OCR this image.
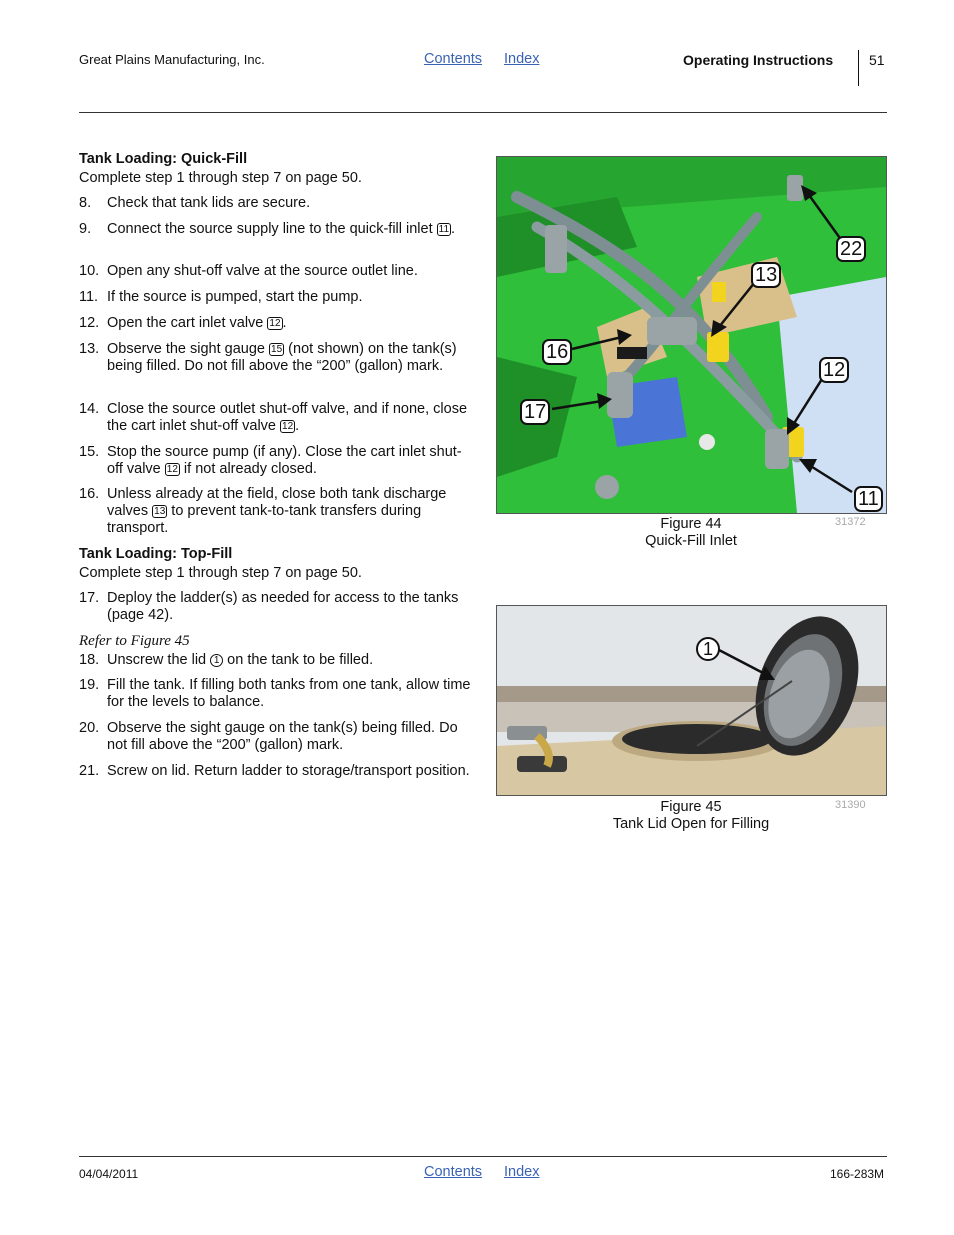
Great Plains Manufacturing, Inc.	Contents Index	Operating Instructions	51
Tank Loading: Quick-Fill
Complete step 1 through step 7 on page 50.
8. Check that tank lids are secure.
9. Connect the source supply line to the quick-fill inlet 11 .
10. Open any shut-off valve at the source outlet line.
11. If the source is pumped, start the pump.
12. Open the cart inlet valve 12 .
13. Observe the sight gauge 15 (not shown) on the tank(s) being filled. Do not fill above the “200” (gallon) mark.
14. Close the source outlet shut-off valve, and if none, close the cart inlet shut-off valve 12 .
15. Stop the source pump (if any). Close the cart inlet shut-off valve 12 if not already closed.
16. Unless already at the field, close both tank discharge valves 13 to prevent tank-to-tank transfers during transport.
Tank Loading: Top-Fill
Complete step 1 through step 7 on page 50.
17. Deploy the ladder(s) as needed for access to the tanks (page 42).
Refer to Figure 45
18. Unscrew the lid 1 on the tank to be filled.
19. Fill the tank. If filling both tanks from one tank, allow time for the levels to balance.
20. Observe the sight gauge on the tank(s) being filled. Do not fill above the “200” (gallon) mark.
21. Screw on lid. Return ladder to storage/transport position.
22
13
16
12
17
11
Figure 44
Quick-Fill Inlet
31372
1
Figure 45
Tank Lid Open for Filling
31390
04/04/2011	Contents Index	166-283M
